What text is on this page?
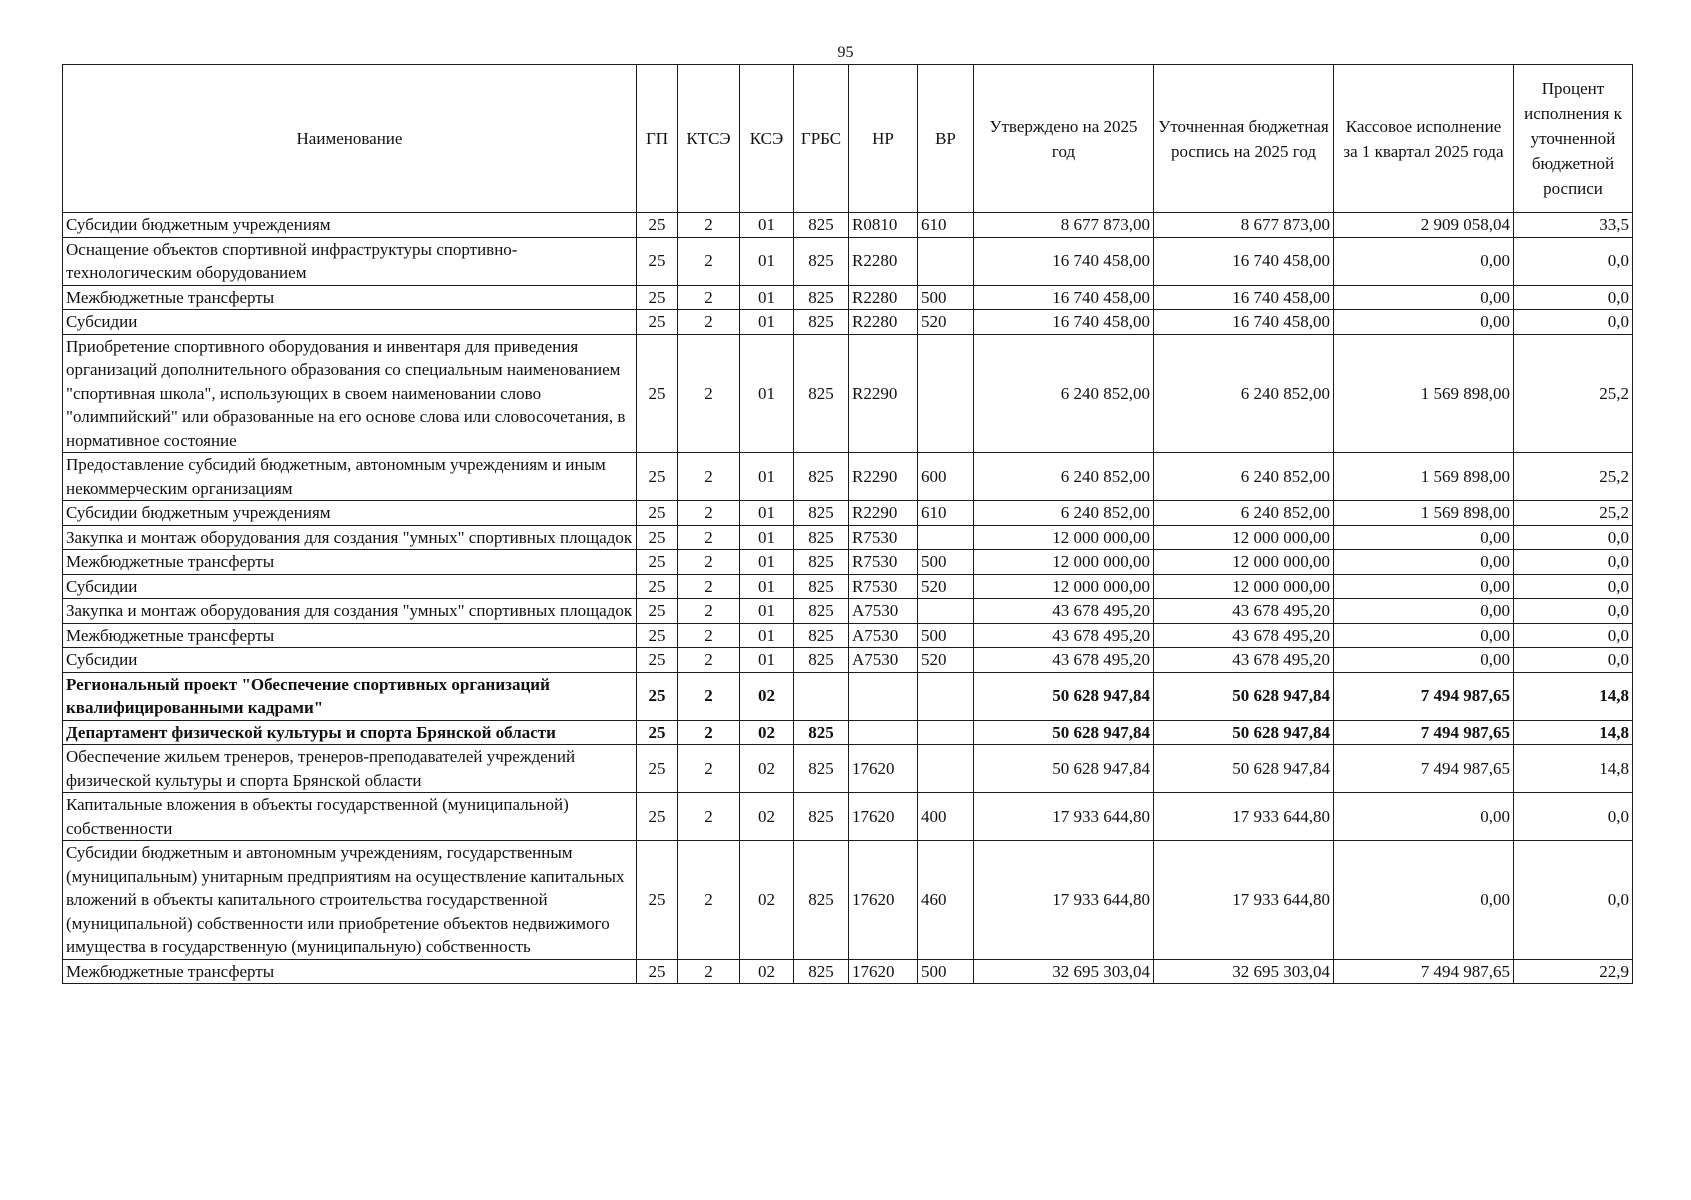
95
Наименование	ГП	КТСЭ	КСЭ	ГРБС	НР	ВР	Утверждено на 2025 год	Уточненная бюджетная роспись на 2025 год	Кассовое исполнение за 1 квартал 2025 года	Процент исполнения к уточненной бюджетной росписи
Субсидии бюджетным учреждениям	25	2	01	825	R0810	610	8 677 873,00	8 677 873,00	2 909 058,04	33,5
Оснащение объектов спортивной инфраструктуры спортивно-технологическим оборудованием	25	2	01	825	R2280		16 740 458,00	16 740 458,00	0,00	0,0
Межбюджетные трансферты	25	2	01	825	R2280	500	16 740 458,00	16 740 458,00	0,00	0,0
Субсидии	25	2	01	825	R2280	520	16 740 458,00	16 740 458,00	0,00	0,0
Приобретение спортивного оборудования и инвентаря для приведения организаций дополнительного образования со специальным наименованием "спортивная школа", использующих в своем наименовании слово "олимпийский" или образованные на его основе слова или словосочетания, в нормативное состояние	25	2	01	825	R2290		6 240 852,00	6 240 852,00	1 569 898,00	25,2
Предоставление субсидий бюджетным, автономным учреждениям и иным некоммерческим организациям	25	2	01	825	R2290	600	6 240 852,00	6 240 852,00	1 569 898,00	25,2
Субсидии бюджетным учреждениям	25	2	01	825	R2290	610	6 240 852,00	6 240 852,00	1 569 898,00	25,2
Закупка и монтаж оборудования для создания "умных" спортивных площадок	25	2	01	825	R7530		12 000 000,00	12 000 000,00	0,00	0,0
Межбюджетные трансферты	25	2	01	825	R7530	500	12 000 000,00	12 000 000,00	0,00	0,0
Субсидии	25	2	01	825	R7530	520	12 000 000,00	12 000 000,00	0,00	0,0
Закупка и монтаж оборудования для создания "умных" спортивных площадок	25	2	01	825	А7530		43 678 495,20	43 678 495,20	0,00	0,0
Межбюджетные трансферты	25	2	01	825	А7530	500	43 678 495,20	43 678 495,20	0,00	0,0
Субсидии	25	2	01	825	А7530	520	43 678 495,20	43 678 495,20	0,00	0,0
Региональный проект "Обеспечение спортивных организаций квалифицированными кадрами"	25	2	02				50 628 947,84	50 628 947,84	7 494 987,65	14,8
Департамент физической культуры и спорта Брянской области	25	2	02	825			50 628 947,84	50 628 947,84	7 494 987,65	14,8
Обеспечение жильем тренеров, тренеров-преподавателей учреждений физической культуры и спорта Брянской области	25	2	02	825	17620		50 628 947,84	50 628 947,84	7 494 987,65	14,8
Капитальные вложения в объекты государственной (муниципальной) собственности	25	2	02	825	17620	400	17 933 644,80	17 933 644,80	0,00	0,0
Субсидии бюджетным и автономным учреждениям, государственным (муниципальным) унитарным предприятиям на осуществление капитальных вложений в объекты капитального строительства государственной (муниципальной) собственности или приобретение объектов недвижимого имущества в государственную (муниципальную) собственность	25	2	02	825	17620	460	17 933 644,80	17 933 644,80	0,00	0,0
Межбюджетные трансферты	25	2	02	825	17620	500	32 695 303,04	32 695 303,04	7 494 987,65	22,9
